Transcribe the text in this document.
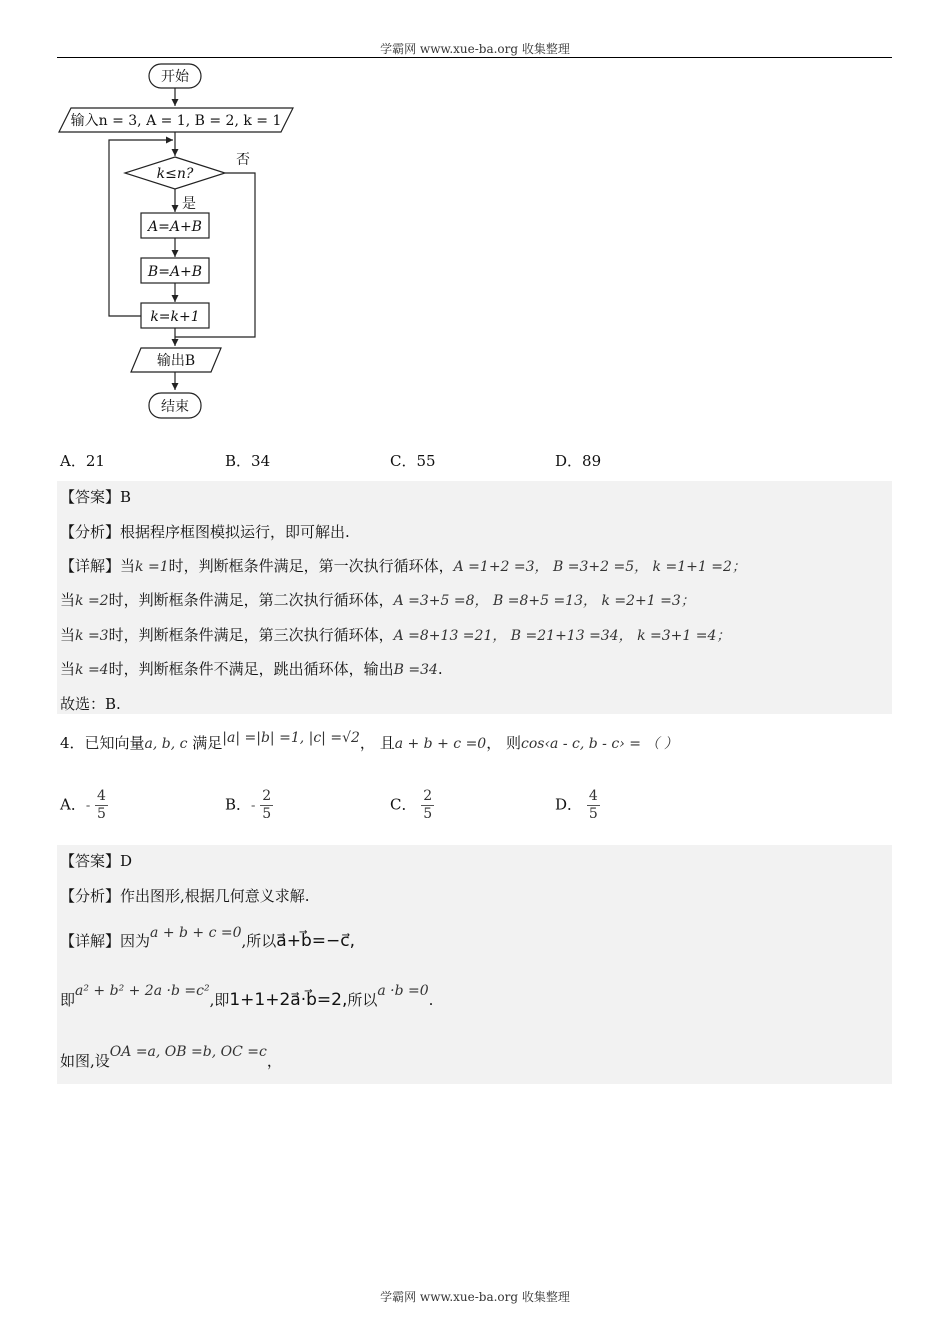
学霸网 www.xue-ba.org 收集整理
开始
输入n = 3, A = 1, B = 2, k = 1
k≤n?
否
是
A=A+B
B=A+B
k=k+1
输出B
结束
A．21	B．34	C．55	D．89
【答案】B
【分析】根据程序框图模拟运行，即可解出.
【详解】当k =1时，判断框条件满足，第一次执行循环体，A =1+2 =3， B =3+2 =5， k =1+1 =2；
当k =2时，判断框条件满足，第二次执行循环体，A =3+5 =8， B =8+5 =13， k =2+1 =3；
当k =3时，判断框条件满足，第三次执行循环体，A =8+13 =21， B =21+13 =34， k =3+1 =4；
当k =4时，判断框条件不满足，跳出循环体，输出B =34.
故选：B.
4．已知向量a, b, c 满足|a| =|b| =1, |c| =√2， 且a + b + c =0， 则cos‹a - c, b - c› = （ ）
A．- $\frac{4}{5}$	B．- $\frac{2}{5}$	C． $\frac{2}{5}$	D． $\frac{4}{5}$
【答案】D
【分析】作出图形,根据几何意义求解.
【详解】因为a + b + c =0,所以a⃗+b⃗=−c⃗,
即a² + b² + 2a ·b =c²,即1+1+2a⃗·b⃗=2,所以a ·b =0.
如图,设OA =a, OB =b, OC =c，
学霸网 www.xue-ba.org 收集整理
